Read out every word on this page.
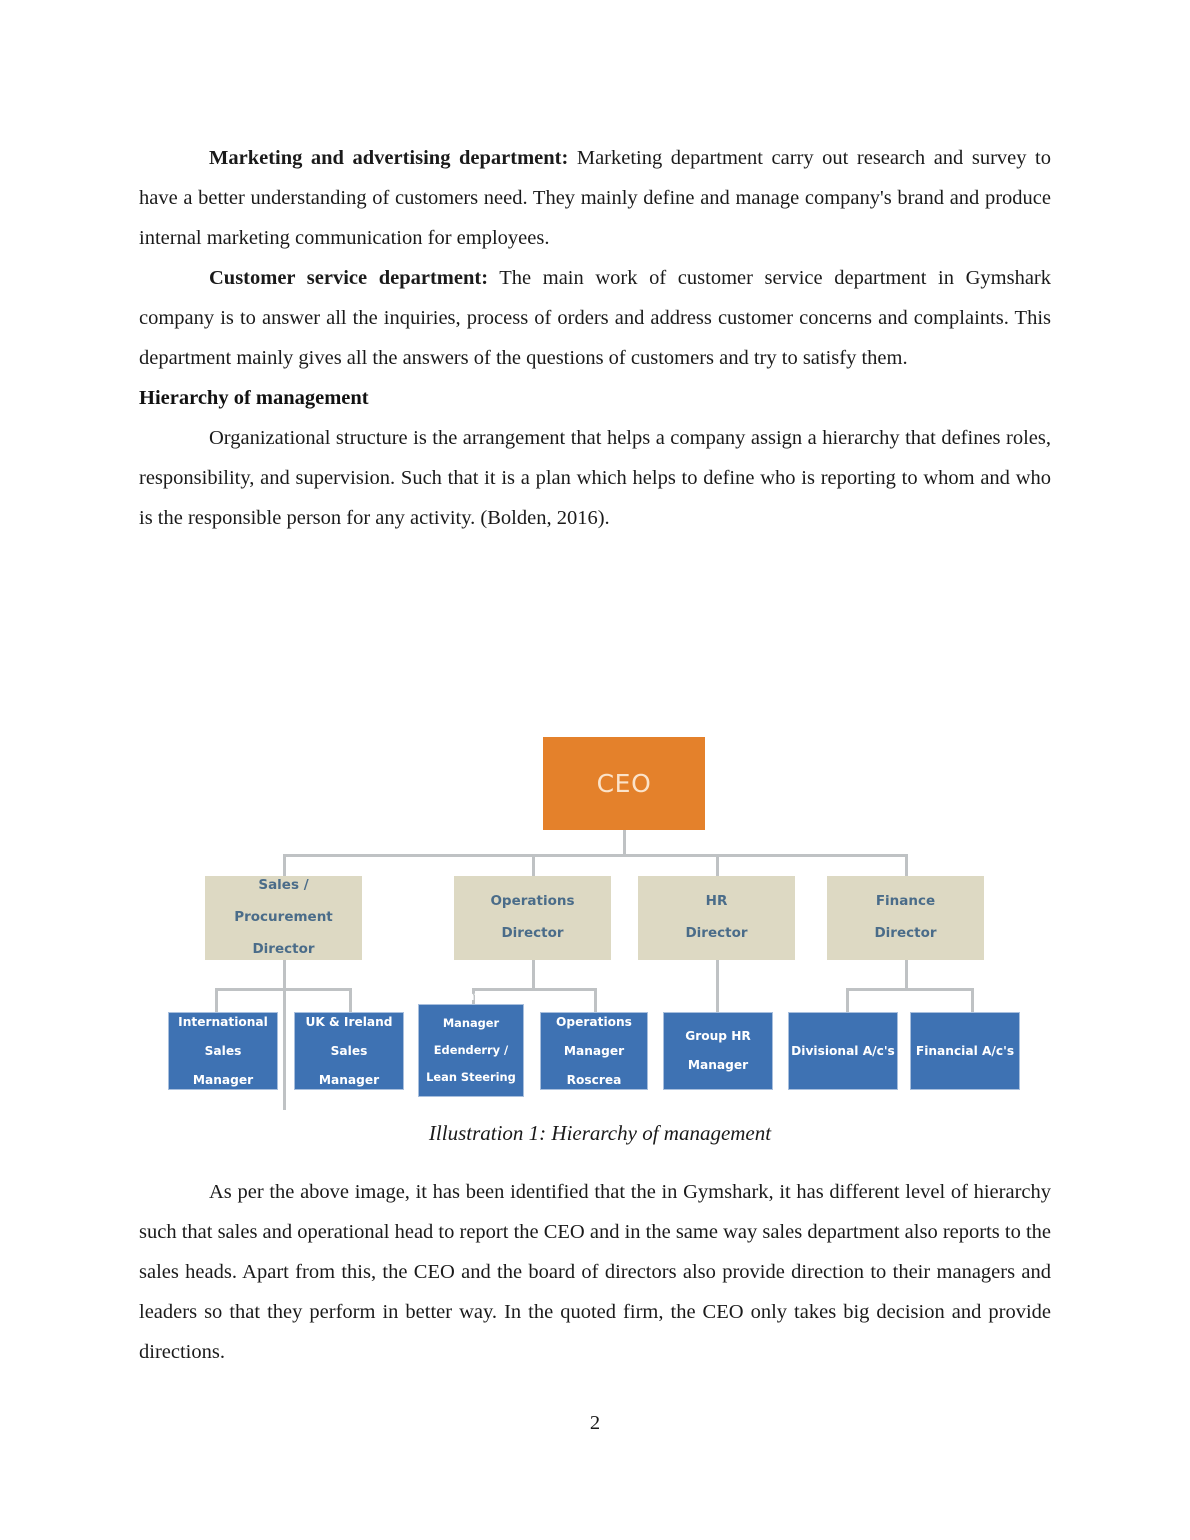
Marketing and advertising department: Marketing department carry out research and survey to have a better understanding of customers need. They mainly define and manage company's brand and produce internal marketing communication for employees.

Customer service department: The main work of customer service department in Gymshark company is to answer all the inquiries, process of orders and address customer concerns and complaints. This department mainly gives all the answers of the questions of customers and try to satisfy them.

Hierarchy of management

Organizational structure is the arrangement that helps a company assign a hierarchy that defines roles, responsibility, and supervision. Such that it is a plan which helps to define who is reporting to whom and who is the responsible person for any activity. (Bolden, 2016).

CEO
Sales /

Procurement

Director
Operations

Director
HR

Director
Finance

Director
International

Sales

Manager
UK & Ireland

Sales

Manager
Operations

Manager

Edenderry /

Lean Steering

Leader
Operations

Manager

Roscrea
Group HR

Manager
Divisional A/c's	Financial A/c's
Illustration 1: Hierarchy of management

As per the above image, it has been identified that the in Gymshark, it has different level of hierarchy such that sales and operational head to report the CEO and in the same way sales department also reports to the sales heads. Apart from this, the CEO and the board of directors also provide direction to their managers and leaders so that they perform in better way. In the quoted firm, the CEO only takes big decision and provide directions.

2
